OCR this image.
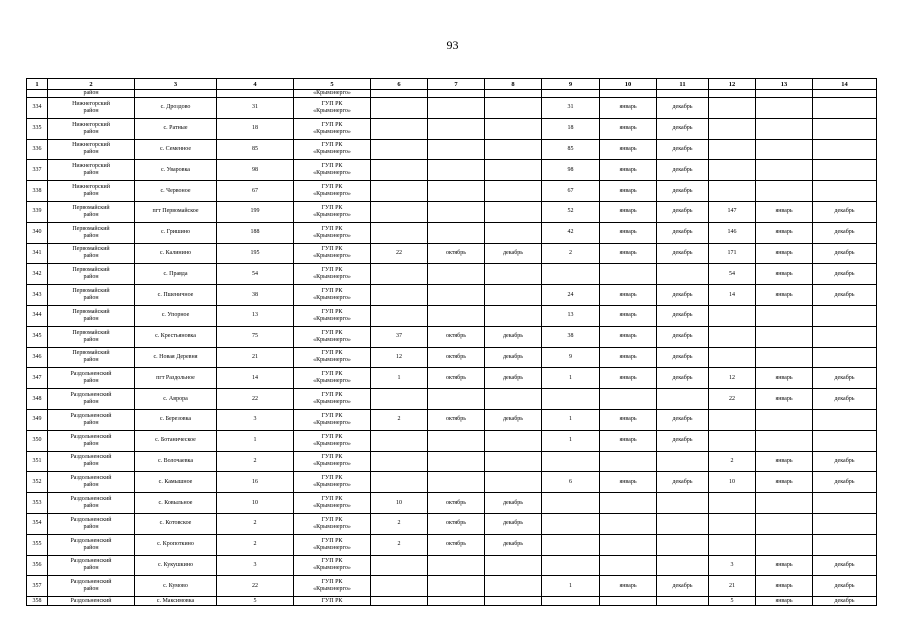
93
1	2	3	4	5	6	7	8	9	10	11	12	13	14
	район			«Крымэнерго»									
334	Нижнегорский
район	с. Дроздово	31	ГУП РК
«Крымэнерго»				31	январь	декабрь			
335	Нижнегорский
район	с. Ратные	18	ГУП РК
«Крымэнерго»				18	январь	декабрь			
336	Нижнегорский
район	с. Семенное	85	ГУП РК
«Крымэнерго»				85	январь	декабрь			
337	Нижнегорский
район	с. Уваровка	98	ГУП РК
«Крымэнерго»				98	январь	декабрь			
338	Нижнегорский
район	с. Червоное	67	ГУП РК
«Крымэнерго»				67	январь	декабрь			
339	Первомайский
район	пгт Первомайское	199	ГУП РК
«Крымэнерго»				52	январь	декабрь	147	январь	декабрь
340	Первомайский
район	с. Гришино	188	ГУП РК
«Крымэнерго»				42	январь	декабрь	146	январь	декабрь
341	Первомайский
район	с. Калинино	195	ГУП РК
«Крымэнерго»	22	октябрь	декабрь	2	январь	декабрь	171	январь	декабрь
342	Первомайский
район	с. Правда	54	ГУП РК
«Крымэнерго»							54	январь	декабрь
343	Первомайский
район	с. Пшеничное	38	ГУП РК
«Крымэнерго»				24	январь	декабрь	14	январь	декабрь
344	Первомайский
район	с. Упорное	13	ГУП РК
«Крымэнерго»				13	январь	декабрь			
345	Первомайский
район	с. Крестьяновка	75	ГУП РК
«Крымэнерго»	37	октябрь	декабрь	38	январь	декабрь			
346	Первомайский
район	с. Новая Деревня	21	ГУП РК
«Крымэнерго»	12	октябрь	декабрь	9	январь	декабрь			
347	Раздольненский
район	пгт Раздольное	14	ГУП РК
«Крымэнерго»	1	октябрь	декабрь	1	январь	декабрь	12	январь	декабрь
348	Раздольненский
район	с. Аврора	22	ГУП РК
«Крымэнерго»							22	январь	декабрь
349	Раздольненский
район	с. Березовка	3	ГУП РК
«Крымэнерго»	2	октябрь	декабрь	1	январь	декабрь			
350	Раздольненский
район	с. Ботаническое	1	ГУП РК
«Крымэнерго»				1	январь	декабрь			
351	Раздольненский
район	с. Волочаевка	2	ГУП РК
«Крымэнерго»							2	январь	декабрь
352	Раздольненский
район	с. Камышное	16	ГУП РК
«Крымэнерго»				6	январь	декабрь	10	январь	декабрь
353	Раздольненский
район	с. Ковыльное	10	ГУП РК
«Крымэнерго»	10	октябрь	декабрь						
354	Раздольненский
район	с. Котовское	2	ГУП РК
«Крымэнерго»	2	октябрь	декабрь						
355	Раздольненский
район	с. Кропоткино	2	ГУП РК
«Крымэнерго»	2	октябрь	декабрь						
356	Раздольненский
район	с. Кукушкино	3	ГУП РК
«Крымэнерго»							3	январь	декабрь
357	Раздольненский
район	с. Кумово	22	ГУП РК
«Крымэнерго»				1	январь	декабрь	21	январь	декабрь
358	Раздольненский	с. Максимовка	5	ГУП РК							5	январь	декабрь
